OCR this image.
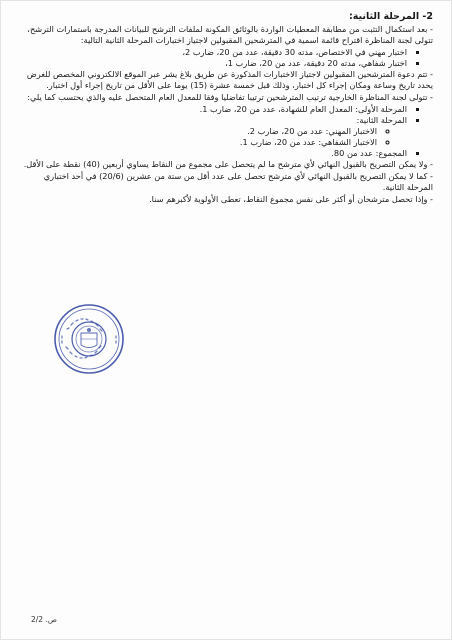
2- المرحلة الثانية:

- بعد استكمال التثبت من مطابقة المعطيات الواردة بالوثائق المكونة لملفات الترشح للبيانات المدرجة باستمارات الترشح، تتولى لجنة المناظرة اقتراح قائمة اسمية في المترشحين المقبولين لاجتياز اختبارات المرحلة الثانية التالية:

▪ اختبار مهني في الاختصاص، مدته 30 دقيقة، عدد من 20، ضارب 2،
▪ اختبار شفاهي، مدته 20 دقيقة، عدد من 20، ضارب 1،

- تتم دعوة المترشحين المقبولين لاجتياز الاختبارات المذكورة عن طريق بلاغ يشر عبر الموقع الالكتروني المخصص للغرض يحدد تاريخ وساعة ومكان إجراء كل اختبار، وذلك قبل خمسة عشرة (15) يوما على الأقل من تاريخ إجراء أول اختبار.

- تتولى لجنة المناظرة الخارجية ترتيب المترشحين ترتيبا تفاضليا وفقا للمعدل العام المتحصل عليه والذي يحتسب كما يلي:

▪ المرحلة الأولى: المعدل العام للشهادة، عدد من 20، ضارب 1.
▪ المرحلة الثانية:
◦ الاختبار المهني: عدد من 20، ضارب 2.
◦ الاختبار الشفاهي: عدد من 20، ضارب 1.
▪ المجموع: عدد من 80.

- ولا يمكن التصريح بالقبول النهائي لأي مترشح ما لم يتحصل على مجموع من النقاط يساوي أربعين (40) نقطة على الأقل.

- كما لا يمكن التصريح بالقبول النهائي لأي مترشح تحصل على عدد أقل من ستة من عشرين (20/6) في أحد اختباري المرحلة الثانية.

- وإذا تحصل مترشحان أو أكثر على نفس مجموع النقاط، تعطى الأولوية لأكبرهم سنا.

ص. 2/2
